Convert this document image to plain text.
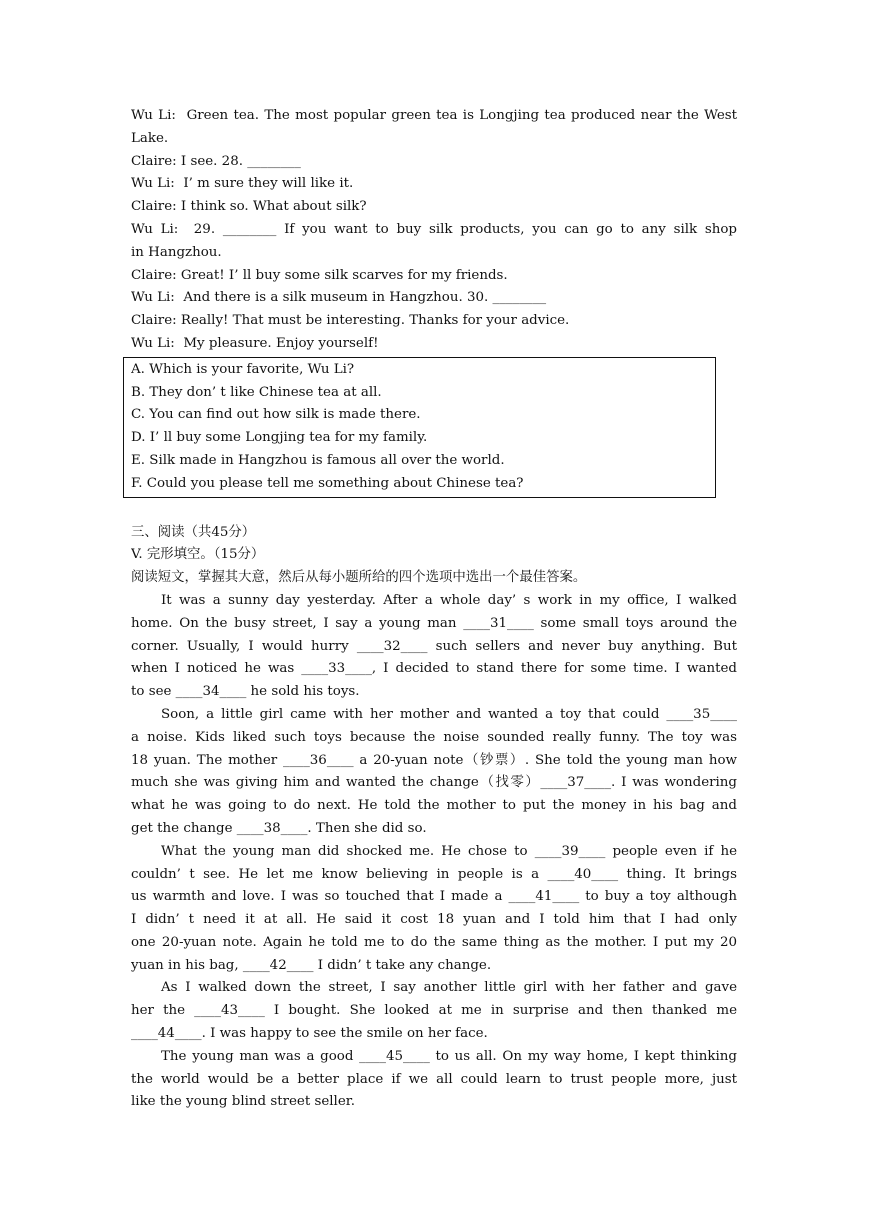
Wu Li: Green tea. The most popular green tea is Longjing tea produced near the West
Lake.
Claire: I see. 28. ________
Wu Li: I’ m sure they will like it.
Claire: I think so. What about silk?
Wu Li: 29. ________ If you want to buy silk products, you can go to any silk shop
in Hangzhou.
Claire: Great! I’ ll buy some silk scarves for my friends.
Wu Li: And there is a silk museum in Hangzhou. 30. ________
Claire: Really! That must be interesting. Thanks for your advice.
Wu Li: My pleasure. Enjoy yourself!
A. Which is your favorite, Wu Li?
B. They don’ t like Chinese tea at all.
C. You can find out how silk is made there.
D. I’ ll buy some Longjing tea for my family.
E. Silk made in Hangzhou is famous all over the world.
F. Could you please tell me something about Chinese tea?
三、阅读（共45分）
V. 完形填空。（15分）
阅读短文，掌握其大意，然后从每小题所给的四个选项中选出一个最佳答案。
It was a sunny day yesterday. After a whole day’ s work in my office, I walked
home. On the busy street, I say a young man ____31____ some small toys around the
corner. Usually, I would hurry ____32____ such sellers and never buy anything. But
when I noticed he was ____33____, I decided to stand there for some time. I wanted
to see ____34____ he sold his toys.
Soon, a little girl came with her mother and wanted a toy that could ____35____
a noise. Kids liked such toys because the noise sounded really funny. The toy was
18 yuan. The mother ____36____ a 20-yuan note（钞票）. She told the young man how
much she was giving him and wanted the change（找零）____37____. I was wondering
what he was going to do next. He told the mother to put the money in his bag and
get the change ____38____. Then she did so.
What the young man did shocked me. He chose to ____39____ people even if he
couldn’ t see. He let me know believing in people is a ____40____ thing. It brings
us warmth and love. I was so touched that I made a ____41____ to buy a toy although
I didn’ t need it at all. He said it cost 18 yuan and I told him that I had only
one 20-yuan note. Again he told me to do the same thing as the mother. I put my 20
yuan in his bag, ____42____ I didn’ t take any change.
As I walked down the street, I say another little girl with her father and gave
her the ____43____ I bought. She looked at me in surprise and then thanked me
____44____. I was happy to see the smile on her face.
The young man was a good ____45____ to us all. On my way home, I kept thinking
the world would be a better place if we all could learn to trust people more, just
like the young blind street seller.
